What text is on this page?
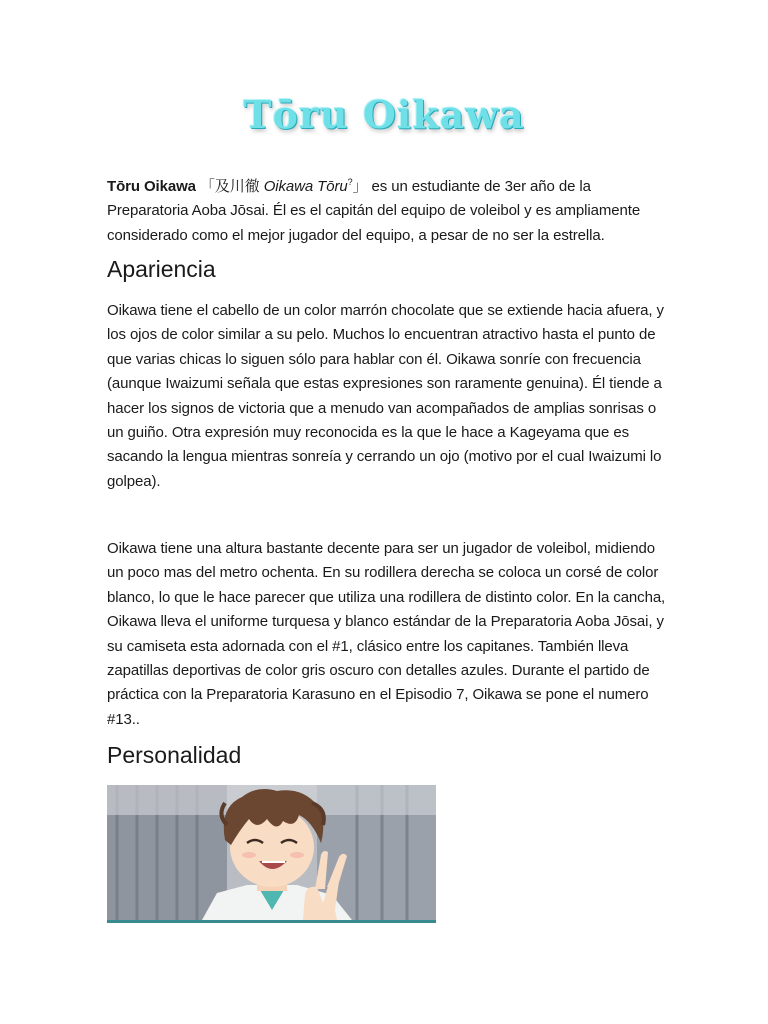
Tōru Oikawa

Tōru Oikawa 「及川徹 Oikawa Tōru?」 es un estudiante de 3er año de la Preparatoria Aoba Jōsai. Él es el capitán del equipo de voleibol y es ampliamente considerado como el mejor jugador del equipo, a pesar de no ser la estrella.

Apariencia

Oikawa tiene el cabello de un color marrón chocolate que se extiende hacia afuera, y los ojos de color similar a su pelo. Muchos lo encuentran atractivo hasta el punto de que varias chicas lo siguen sólo para hablar con él. Oikawa sonríe con frecuencia (aunque Iwaizumi señala que estas expresiones son raramente genuina). Él tiende a hacer los signos de victoria que a menudo van acompañados de amplias sonrisas o un guiño. Otra expresión muy reconocida es la que le hace a Kageyama que es sacando la lengua mientras sonreía y cerrando un ojo (motivo por el cual Iwaizumi lo golpea).

Oikawa tiene una altura bastante decente para ser un jugador de voleibol, midiendo un poco mas del metro ochenta. En su rodillera derecha se coloca un corsé de color blanco, lo que le hace parecer que utiliza una rodillera de distinto color. En la cancha, Oikawa lleva el uniforme turquesa y blanco estándar de la Preparatoria Aoba Jōsai, y su camiseta esta adornada con el #1, clásico entre los capitanes. También lleva zapatillas deportivas de color gris oscuro con detalles azules. Durante el partido de práctica con la Preparatoria Karasuno en el Episodio 7, Oikawa se pone el numero #13..

Personalidad
